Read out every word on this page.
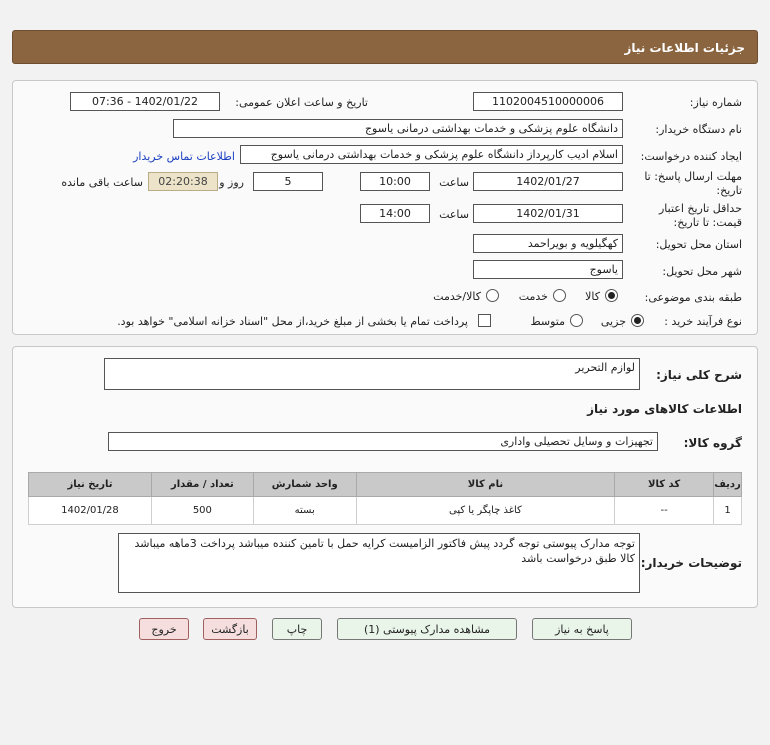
جزئیات اطلاعات نیاز
شماره نیاز:
1102004510000006
تاریخ و ساعت اعلان عمومی:
1402/01/22 - 07:36
نام دستگاه خریدار:
دانشگاه علوم پزشکی و خدمات بهداشتی درمانی یاسوج
ایجاد کننده درخواست:
اسلام ادیب کارپرداز دانشگاه علوم پزشکی و خدمات بهداشتی درمانی یاسوج
اطلاعات تماس خریدار
مهلت ارسال پاسخ: تا
تاریخ:
1402/01/27
ساعت
10:00
5
روز و
02:20:38
ساعت باقی مانده
حداقل تاریخ اعتبار
قیمت: تا تاریخ:
1402/01/31
ساعت
14:00
استان محل تحویل:
کهگیلویه و بویراحمد
شهر محل تحویل:
یاسوج
طبقه بندی موضوعی:
کالا
خدمت
کالا/خدمت
نوع فرآیند خرید :
جزیی
متوسط
پرداخت تمام یا بخشی از مبلغ خرید،از محل "اسناد خزانه اسلامی" خواهد بود.
شرح کلی نیاز:
لوازم التحریر
اطلاعات کالاهای مورد نیاز
گروه کالا:
تجهیزات و وسایل تحصیلی واداری
ردیف	کد کالا	نام کالا	واحد شمارش	تعداد / مقدار	تاریخ نیاز
1	--	کاغذ چاپگر یا کپی	بسته	500	1402/01/28
توضیحات خریدار:
توجه مدارک پیوستی توجه گردد پیش فاکتور الزامیست کرایه حمل با تامین کننده میباشد پرداخت 3ماهه میباشد کالا طبق درخواست باشد
پاسخ به نیاز
مشاهده مدارک پیوستی (1)
چاپ
بازگشت
خروج
